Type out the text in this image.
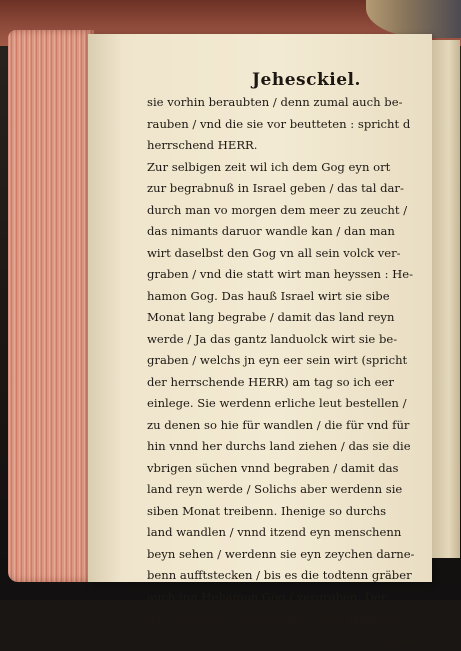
Jehesckiel.
sie vorhin beraubten / denn zumal auch be-
rauben / vnd die sie vor beutteten : spricht d
herrschend HERR.
Zur selbigen zeit wil ich dem Gog eyn ort
zur begrabnuß in Israel geben / das tal dar-
durch man vo morgen dem meer zu zeucht /
das nimants daruor wandle kan / dan man
wirt daselbst den Gog vn all sein volck ver-
graben / vnd die statt wirt man heyssen : He-
hamon Gog. Das hauß Israel wirt sie sibe
Monat lang begrabe / damit das land reyn
werde / Ja das gantz landuolck wirt sie be-
graben / welchs jn eyn eer sein wirt (spricht
der herrschende HERR) am tag so ich eer
einlege. Sie werdenn erliche leut bestellen /
zu denen so hie für wandlen / die für vnd für
hin vnnd her durchs land ziehen / das sie die
vbrigen süchen vnnd begraben / damit das
land reyn werde / Solichs aber werdenn sie
siben Monat treibenn. Ihenige so durchs
land wandlen / vnnd itzend eyn menschenn
beyn sehen / werdenn sie eyn zeychen darne-
benn aufftstecken / bis es die todtenn gräber
auch inn Hehamon Gog / vergraben. Der
nam aber der statt daselbst / wirt Hamona
heyssen
